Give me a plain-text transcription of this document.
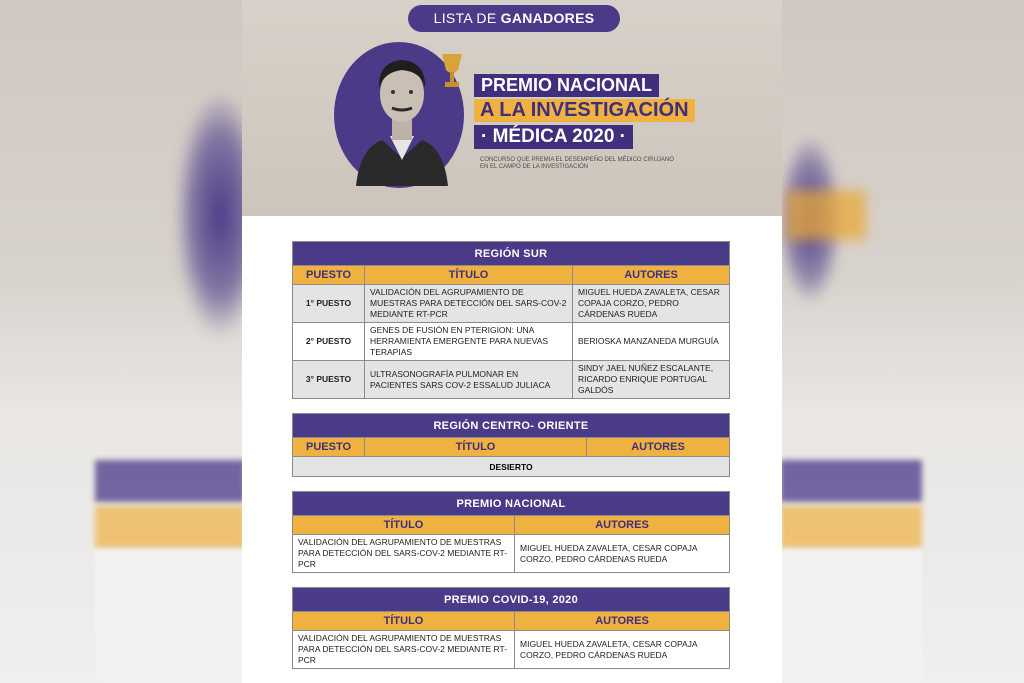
LISTA DE GANADORES
PREMIO NACIONAL
A LA INVESTIGACIÓN
· MÉDICA 2020 ·
CONCURSO QUE PREMIA EL DESEMPEÑO DEL MÉDICO CIRUJANO EN EL CAMPO DE LA INVESTIGACIÓN
REGIÓN SUR		
PUESTO	TÍTULO	AUTORES
1° PUESTO	VALIDACIÓN DEL AGRUPAMIENTO DE MUESTRAS PARA DETECCIÓN DEL SARS-COV-2 MEDIANTE RT-PCR	MIGUEL HUEDA ZAVALETA, CESAR COPAJA CORZO, PEDRO CÁRDENAS RUEDA
2° PUESTO	GENES DE FUSIÓN EN PTERIGION: UNA HERRAMIENTA EMERGENTE PARA NUEVAS TERAPIAS	BERIOSKA MANZANEDA MURGUÍA
3° PUESTO	ULTRASONOGRAFÍA PULMONAR EN PACIENTES SARS COV-2 ESSALUD JULIACA	SINDY JAEL NUÑEZ ESCALANTE, RICARDO ENRIQUE PORTUGAL GALDÓS
REGIÓN CENTRO- ORIENTE
PUESTO	TÍTULO	AUTORES
DESIERTO
PREMIO NACIONAL	
TÍTULO	AUTORES
VALIDACIÓN DEL AGRUPAMIENTO DE MUESTRAS PARA DETECCIÓN DEL SARS-COV-2 MEDIANTE RT-PCR	MIGUEL HUEDA ZAVALETA, CESAR COPAJA CORZO, PEDRO CÁRDENAS RUEDA
PREMIO COVID-19, 2020	
TÍTULO	AUTORES
VALIDACIÓN DEL AGRUPAMIENTO DE MUESTRAS PARA DETECCIÓN DEL SARS-COV-2 MEDIANTE RT-PCR	MIGUEL HUEDA ZAVALETA, CESAR COPAJA CORZO, PEDRO CÁRDENAS RUEDA
